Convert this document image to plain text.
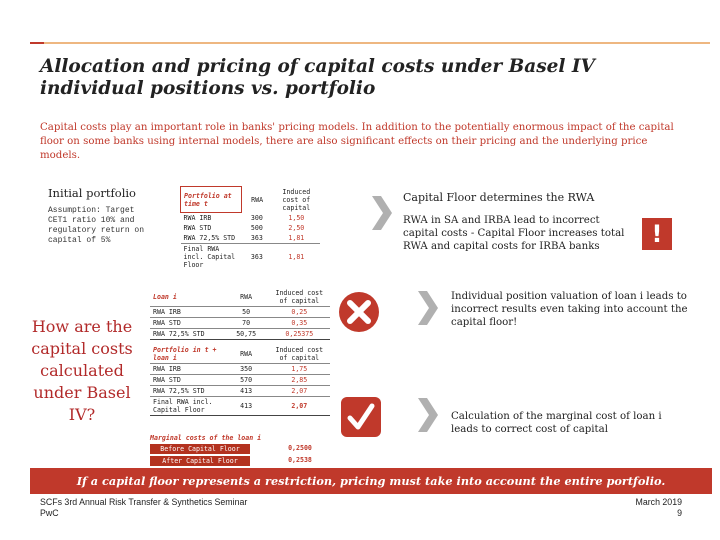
Allocation and pricing of capital costs under Basel IV
individual positions vs. portfolio
Capital costs play an important role in banks' pricing models. In addition to the potentially enormous impact of the capital floor on some banks using internal models, there are also significant effects on their pricing and the underlying price models.
Initial portfolio
Assumption: Target CET1 ratio 10% and regulatory return on capital of 5%
Portfolio at time t	RWA	Induced cost of capital
RWA IRB	300	1,50
RWA STD	500	2,50
RWA 72,5% STD	363	1,81
Final RWA incl. Capital Floor	363	1,81
How are the capital costs calculated under Basel IV?
Loan i	RWA	Induced cost of capital
RWA IRB	50	0,25
RWA STD	70	0,35
RWA 72,5% STD	50,75	0,25375
Portfolio in t + loan i	RWA	Induced cost of capital
RWA IRB	350	1,75
RWA STD	570	2,85
RWA 72,5% STD	413	2,07
Final RWA incl. Capital Floor	413	2,07
Marginal costs of the loan i
Before Capital Floor	0,2500
After Capital Floor	0,2538
Capital Floor determines the RWA
RWA in SA and IRBA lead to incorrect capital costs - Capital Floor increases total RWA and capital costs for IRBA banks	!
Individual position valuation of loan i leads to incorrect results even taking into account the capital floor!
Calculation of the marginal cost of loan i leads to correct cost of capital
If a capital floor represents a restriction, pricing must take into account the entire portfolio.
SCFs 3rd Annual Risk Transfer & Synthetics Seminar
PwC
March 2019
9
